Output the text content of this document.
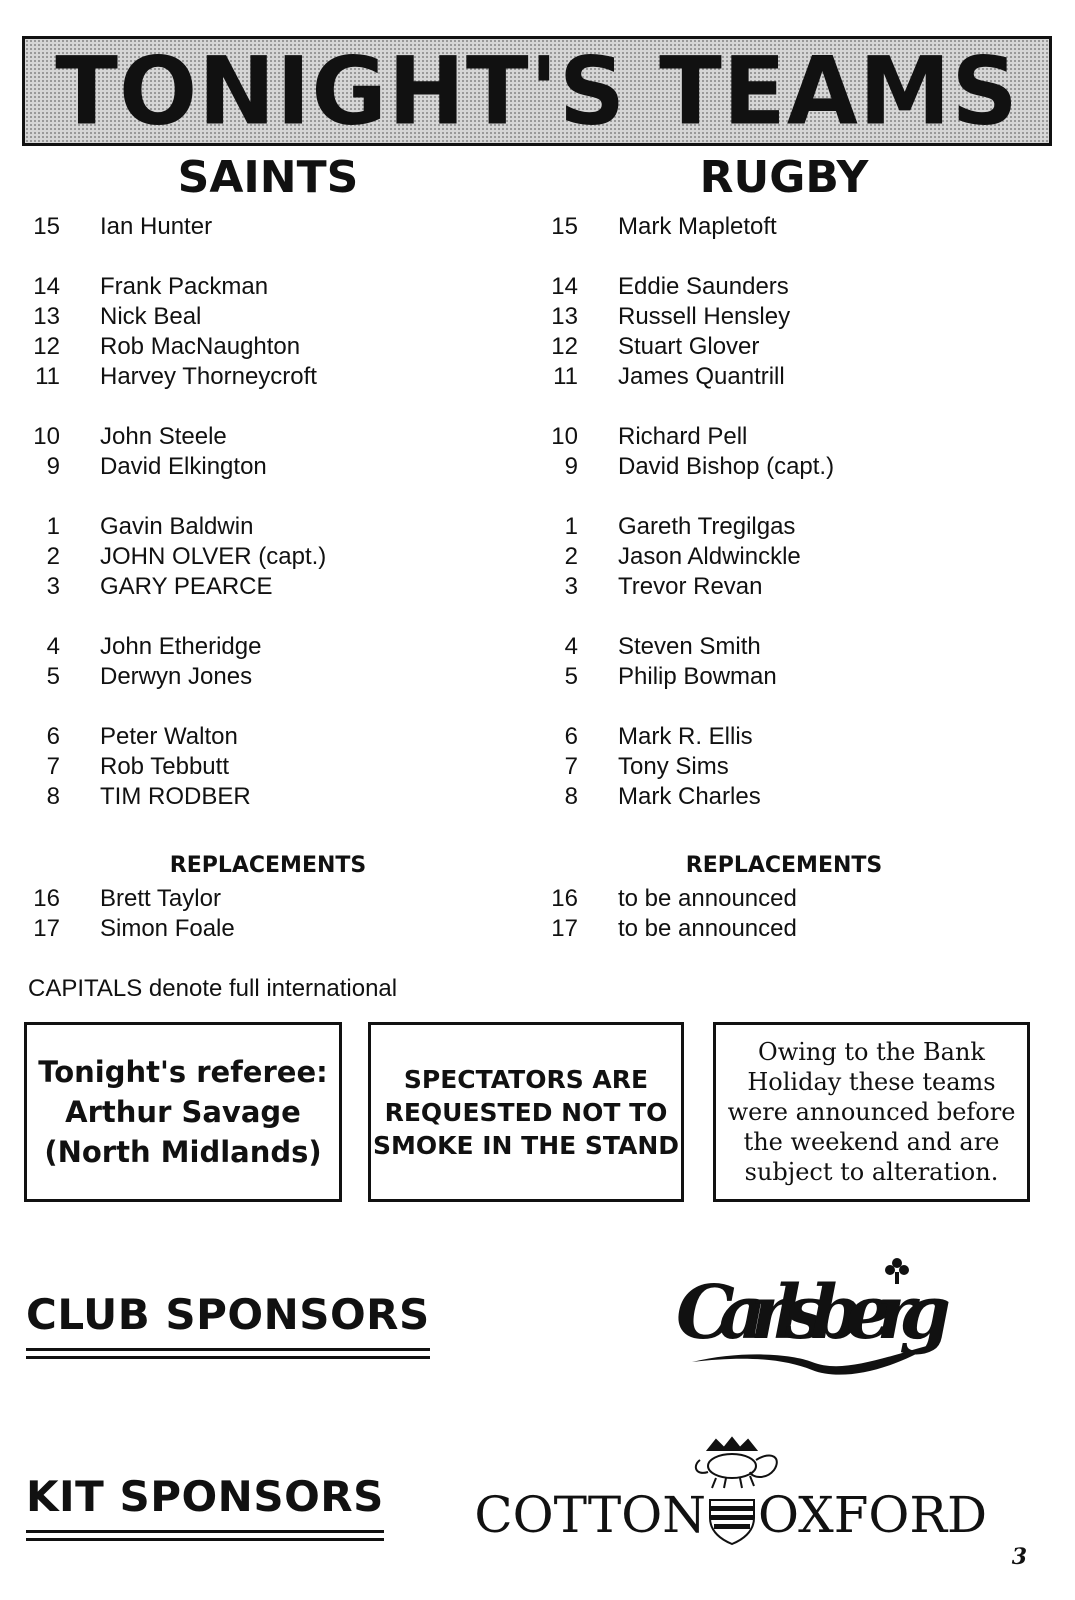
TONIGHT'S TEAMS
SAINTS	RUGBY
15 Ian Hunter
14 Frank Packman
13 Nick Beal
12 Rob MacNaughton
11 Harvey Thorneycroft
10 John Steele
9 David Elkington
1 Gavin Baldwin
2 JOHN OLVER (capt.)
3 GARY PEARCE
4 John Etheridge
5 Derwyn Jones
6 Peter Walton
7 Rob Tebbutt
8 TIM RODBER
15 Mark Mapletoft
14 Eddie Saunders
13 Russell Hensley
12 Stuart Glover
11 James Quantrill
10 Richard Pell
9 David Bishop (capt.)
1 Gareth Tregilgas
2 Jason Aldwinckle
3 Trevor Revan
4 Steven Smith
5 Philip Bowman
6 Mark R. Ellis
7 Tony Sims
8 Mark Charles
REPLACEMENTS	REPLACEMENTS
16 Brett Taylor
17 Simon Foale
16 to be announced
17 to be announced
CAPITALS denote full international
Tonight's referee:
Arthur Savage
(North Midlands)
SPECTATORS ARE
REQUESTED NOT TO
SMOKE IN THE STAND
Owing to the Bank
Holiday these teams
were announced before
the weekend and are
subject to alteration.
CLUB SPONSORS	Carlsberg
KIT SPONSORS COTTON OXFORD
3
